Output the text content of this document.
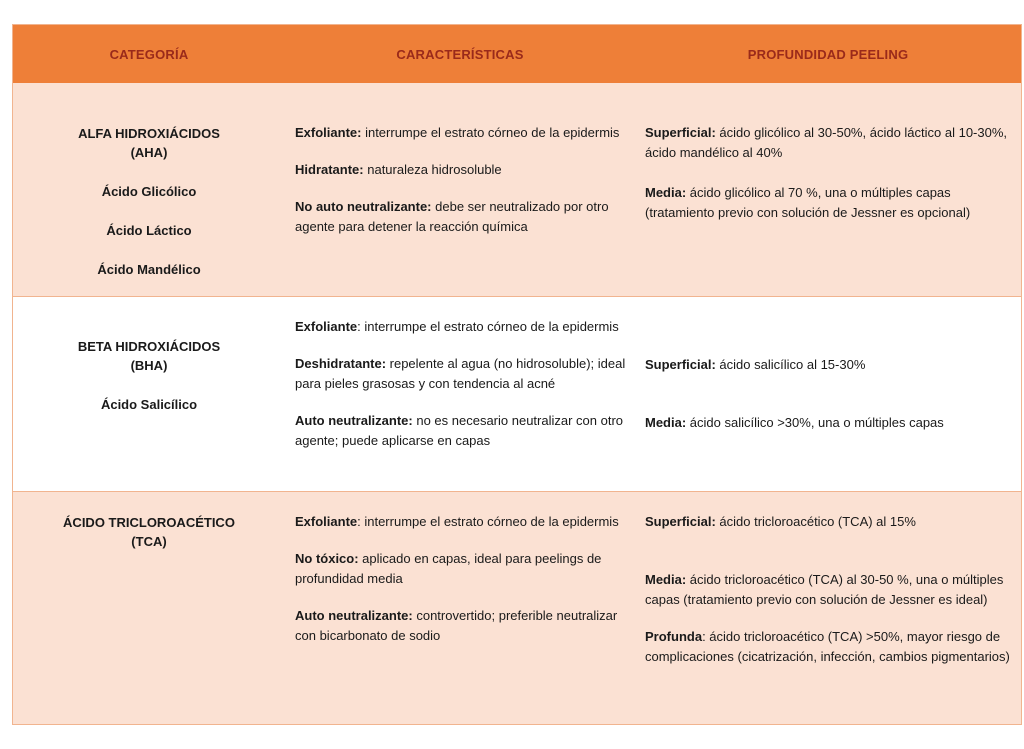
CATEGORÍA	CARACTERÍSTICAS	PROFUNDIDAD PEELING
ALFA HIDROXIÁCIDOS (AHA)
Ácido Glicólico
Ácido Láctico
Ácido Mandélico

Exfoliante: interrumpe el estrato córneo de la epidermis

Hidratante: naturaleza hidrosoluble

No auto neutralizante: debe ser neutralizado por otro agente para detener la reacción química

Superficial: ácido glicólico al 30-50%, ácido láctico al 10-30%, ácido mandélico al 40%

Media: ácido glicólico al 70 %, una o múltiples capas (tratamiento previo con solución de Jessner es opcional)

BETA HIDROXIÁCIDOS (BHA)
Ácido Salicílico

Exfoliante: interrumpe el estrato córneo de la epidermis

Deshidratante: repelente al agua (no hidrosoluble); ideal para pieles grasosas y con tendencia al acné

Auto neutralizante: no es necesario neutralizar con otro agente; puede aplicarse en capas

Superficial: ácido salicílico al 15-30%

Media: ácido salicílico >30%, una o múltiples capas

ÁCIDO TRICLOROACÉTICO (TCA)

Exfoliante: interrumpe el estrato córneo de la epidermis

No tóxico: aplicado en capas, ideal para peelings de profundidad media

Auto neutralizante: controvertido; preferible neutralizar con bicarbonato de sodio

Superficial: ácido tricloroacético (TCA) al 15%

Media: ácido tricloroacético (TCA) al 30-50 %, una o múltiples capas (tratamiento previo con solución de Jessner es ideal)

Profunda: ácido tricloroacético (TCA) >50%, mayor riesgo de complicaciones (cicatrización, infección, cambios pigmentarios)
